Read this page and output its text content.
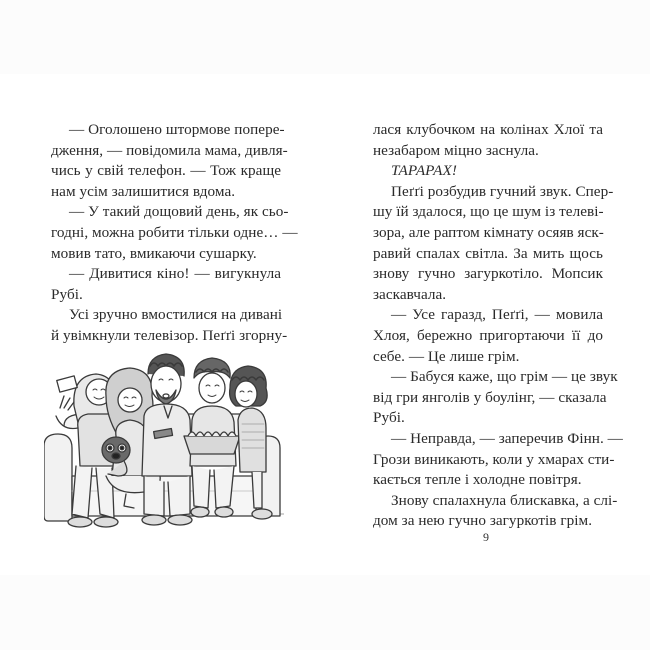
— Оголошено штормове попере-
дження, — повідомила мама, дивля-
чись у свій телефон. — Тож краще
нам усім залишитися вдома.
— У такий дощовий день, як сьо-
годні, можна робити тільки одне… —
мовив тато, вмикаючи сушарку.
— Дивитися кіно! — вигукнула
Рубі.
Усі зручно вмостилися на дивані
й увімкнули телевізор. Пеґґі згорну-
лася клубочком на колінах Хлої та
незабаром міцно заснула.
ТАРАРАХ!
Пеґґі розбудив гучний звук. Спер-
шу їй здалося, що це шум із телеві-
зора, але раптом кімнату осяяв яск-
равий спалах світла. За мить щось
знову гучно загуркотіло. Мопсик
заскавчала.
— Усе гаразд, Пеґґі, — мовила
Хлоя, бережно пригортаючи її до
себе. — Це лише грім.
— Бабуся каже, що грім — це звук
від гри янголів у боулінг, — сказала
Рубі.
— Неправда, — заперечив Фінн. —
Грози виникають, коли у хмарах сти-
кається тепле і холодне повітря.
Знову спалахнула блискавка, а слі-
дом за нею гучно загуркотів грім.
9
